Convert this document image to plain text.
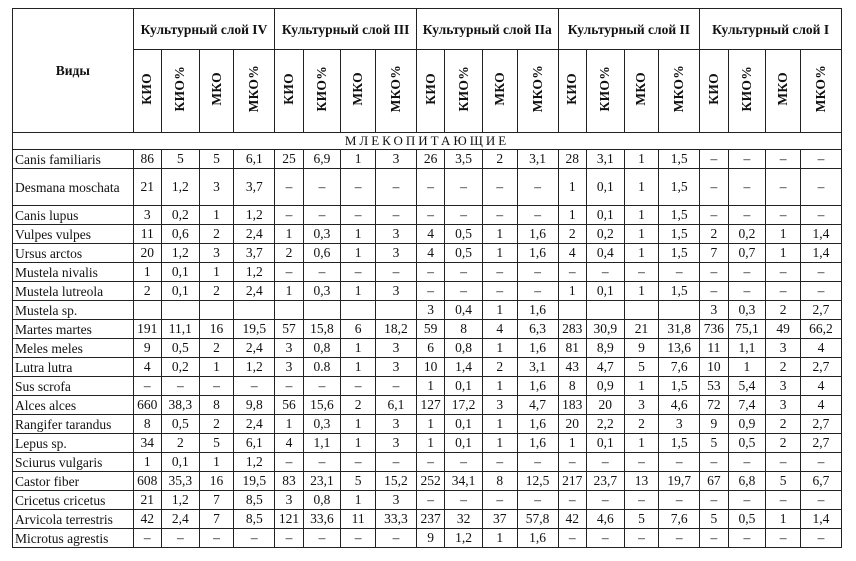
Виды	Культурный слой IV				Культурный слой III				Культурный слой IIа				Культурный слой II				Культурный слой I			
	КИО	КИО%	МКО	МКО%	КИО	КИО%	МКО	МКО%	КИО	КИО%	МКО	МКО%	КИО	КИО%	МКО	МКО%	КИО	КИО%	МКО	МКО%
МЛЕКОПИТАЮЩИЕ																				
Canis familiaris	86	5	5	6,1	25	6,9	1	3	26	3,5	2	3,1	28	3,1	1	1,5	–	–	–	–
Desmana moschata	21	1,2	3	3,7	–	–	–	–	–	–	–	–	1	0,1	1	1,5	–	–	–	–
Canis lupus	3	0,2	1	1,2	–	–	–	–	–	–	–	–	1	0,1	1	1,5	–	–	–	–
Vulpes vulpes	11	0,6	2	2,4	1	0,3	1	3	4	0,5	1	1,6	2	0,2	1	1,5	2	0,2	1	1,4
Ursus arctos	20	1,2	3	3,7	2	0,6	1	3	4	0,5	1	1,6	4	0,4	1	1,5	7	0,7	1	1,4
Mustela nivalis	1	0,1	1	1,2	–	–	–	–	–	–	–	–	–	–	–	–	–	–	–	–
Mustela lutreola	2	0,1	2	2,4	1	0,3	1	3	–	–	–	–	1	0,1	1	1,5	–	–	–	–
Mustela sp.									3	0,4	1	1,6					3	0,3	2	2,7
Martes martes	191	11,1	16	19,5	57	15,8	6	18,2	59	8	4	6,3	283	30,9	21	31,8	736	75,1	49	66,2
Meles meles	9	0,5	2	2,4	3	0,8	1	3	6	0,8	1	1,6	81	8,9	9	13,6	11	1,1	3	4
Lutra lutra	4	0,2	1	1,2	3	0.8	1	3	10	1,4	2	3,1	43	4,7	5	7,6	10	1	2	2,7
Sus scrofa	–	–	–	–	–	–	–	–	1	0,1	1	1,6	8	0,9	1	1,5	53	5,4	3	4
Alces alces	660	38,3	8	9,8	56	15,6	2	6,1	127	17,2	3	4,7	183	20	3	4,6	72	7,4	3	4
Rangifer tarandus	8	0,5	2	2,4	1	0,3	1	3	1	0,1	1	1,6	20	2,2	2	3	9	0,9	2	2,7
Lepus sp.	34	2	5	6,1	4	1,1	1	3	1	0,1	1	1,6	1	0,1	1	1,5	5	0,5	2	2,7
Sciurus vulgaris	1	0,1	1	1,2	–	–	–	–	–	–	–	–	–	–	–	–	–	–	–	–
Castor fiber	608	35,3	16	19,5	83	23,1	5	15,2	252	34,1	8	12,5	217	23,7	13	19,7	67	6,8	5	6,7
Cricetus cricetus	21	1,2	7	8,5	3	0,8	1	3	–	–	–	–	–	–	–	–	–	–	–	–
Arvicola terrestris	42	2,4	7	8,5	121	33,6	11	33,3	237	32	37	57,8	42	4,6	5	7,6	5	0,5	1	1,4
Microtus agrestis	–	–	–	–	–	–	–	–	9	1,2	1	1,6	–	–	–	–	–	–	–	–
